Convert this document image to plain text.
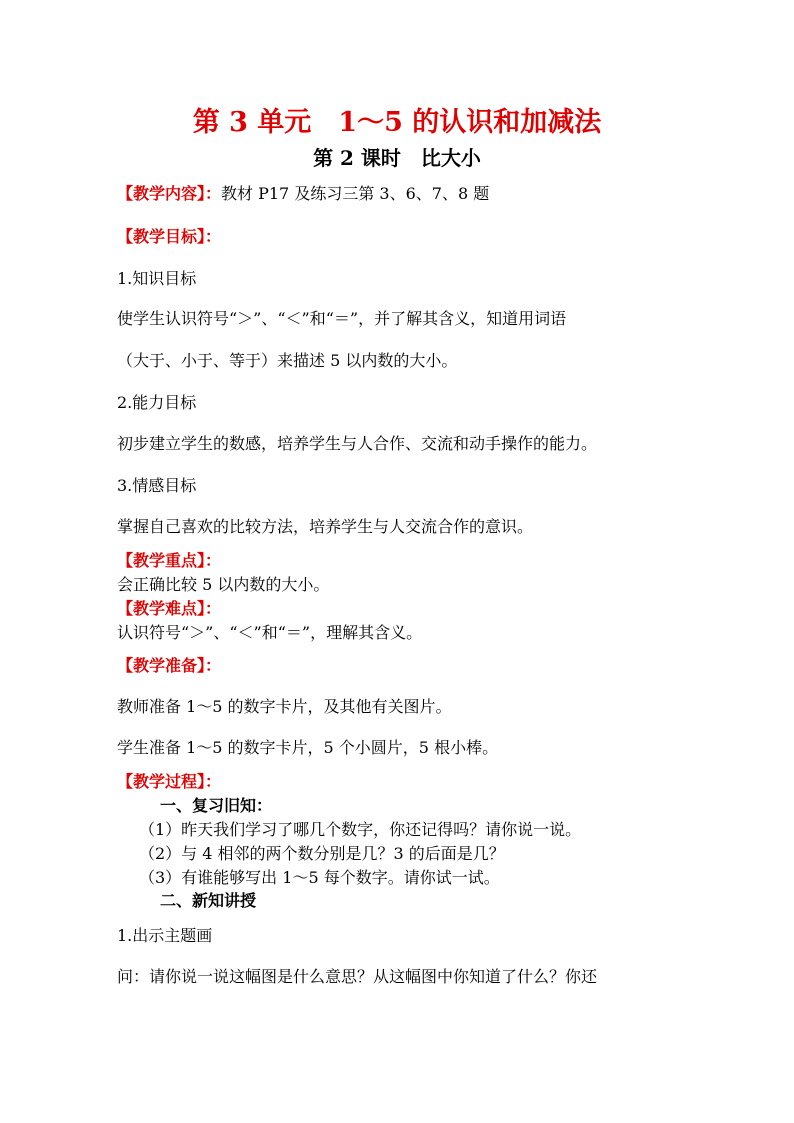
第 3 单元　1～5 的认识和加减法
第 2 课时　比大小
【教学内容】：教材 P17 及练习三第 3、6、7、8 题
【教学目标】：
1.知识目标
使学生认识符号“＞”、“＜”和“＝”，并了解其含义，知道用词语
（大于、小于、等于）来描述 5 以内数的大小。
2.能力目标
初步建立学生的数感，培养学生与人合作、交流和动手操作的能力。
3.情感目标
掌握自己喜欢的比较方法，培养学生与人交流合作的意识。
【教学重点】：
会正确比较 5 以内数的大小。
【教学难点】：
认识符号“＞”、“＜”和“＝”，理解其含义。
【教学准备】：
教师准备 1～5 的数字卡片，及其他有关图片。
学生准备 1～5 的数字卡片，5 个小圆片，5 根小棒。
【教学过程】：
一、复习旧知：
（1）昨天我们学习了哪几个数字，你还记得吗？请你说一说。
（2）与 4 相邻的两个数分别是几？3 的后面是几？
（3）有谁能够写出 1～5 每个数字。请你试一试。
二、新知讲授
1.出示主题画
问：请你说一说这幅图是什么意思？从这幅图中你知道了什么？你还
